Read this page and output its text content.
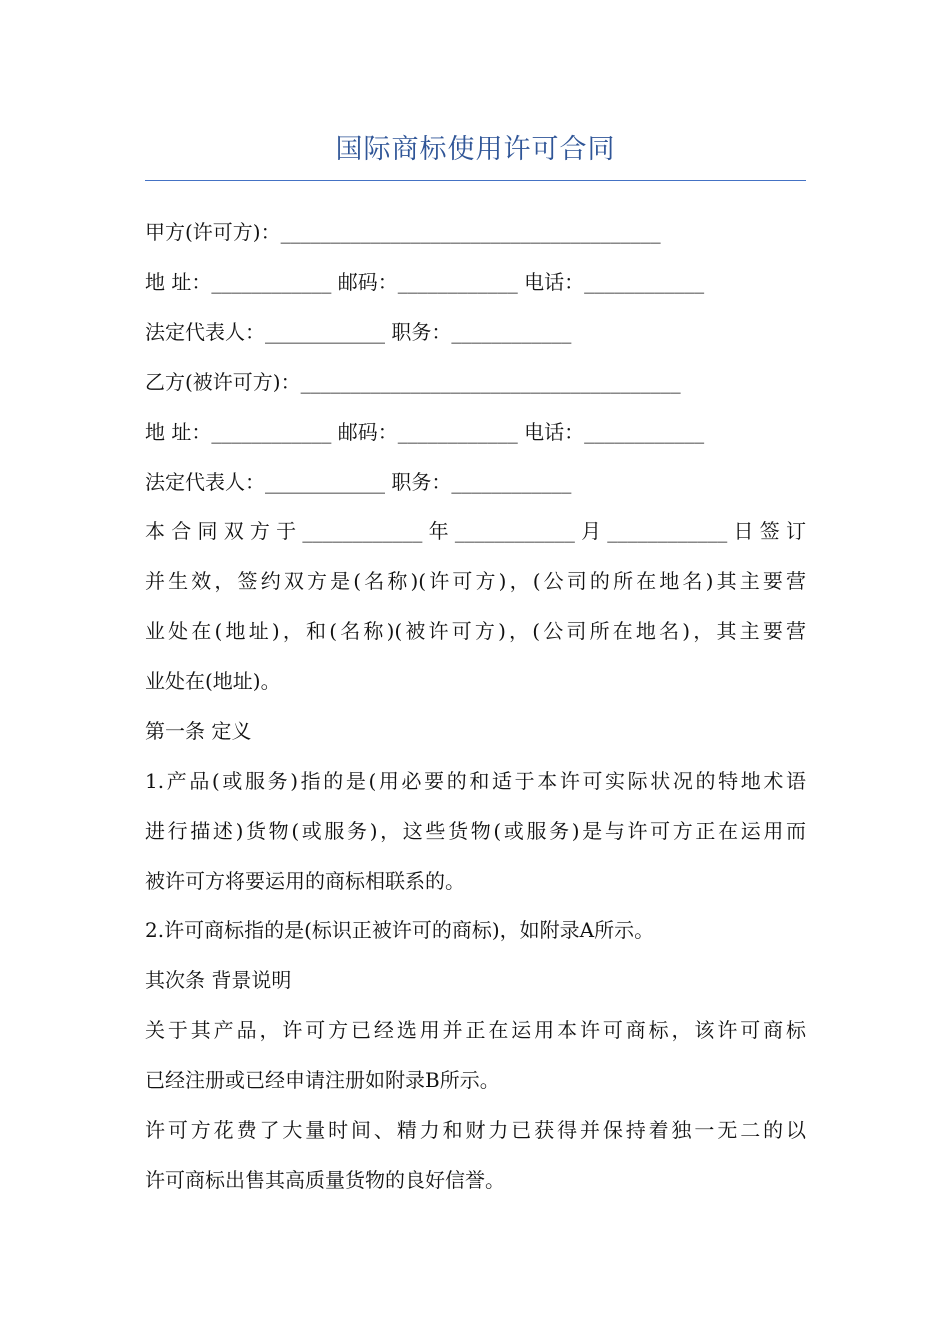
国际商标使用许可合同
甲方(许可方)：______________________________________
地 址：____________ 邮码：____________ 电话：____________
法定代表人：____________ 职务：____________
乙方(被许可方)：______________________________________
地 址：____________ 邮码：____________ 电话：____________
法定代表人：____________ 职务：____________
本合同双方于____________年____________月____________日签订
并生效，签约双方是(名称)(许可方)，(公司的所在地名)其主要营
业处在(地址)，和(名称)(被许可方)，(公司所在地名)，其主要营
业处在(地址)。
第一条 定义
1.产品(或服务)指的是(用必要的和适于本许可实际状况的特地术语
进行描述)货物(或服务)，这些货物(或服务)是与许可方正在运用而
被许可方将要运用的商标相联系的。
2.许可商标指的是(标识正被许可的商标)，如附录A所示。
其次条 背景说明
关于其产品，许可方已经选用并正在运用本许可商标，该许可商标
已经注册或已经申请注册如附录B所示。
许可方花费了大量时间、精力和财力已获得并保持着独一无二的以
许可商标出售其高质量货物的良好信誉。
